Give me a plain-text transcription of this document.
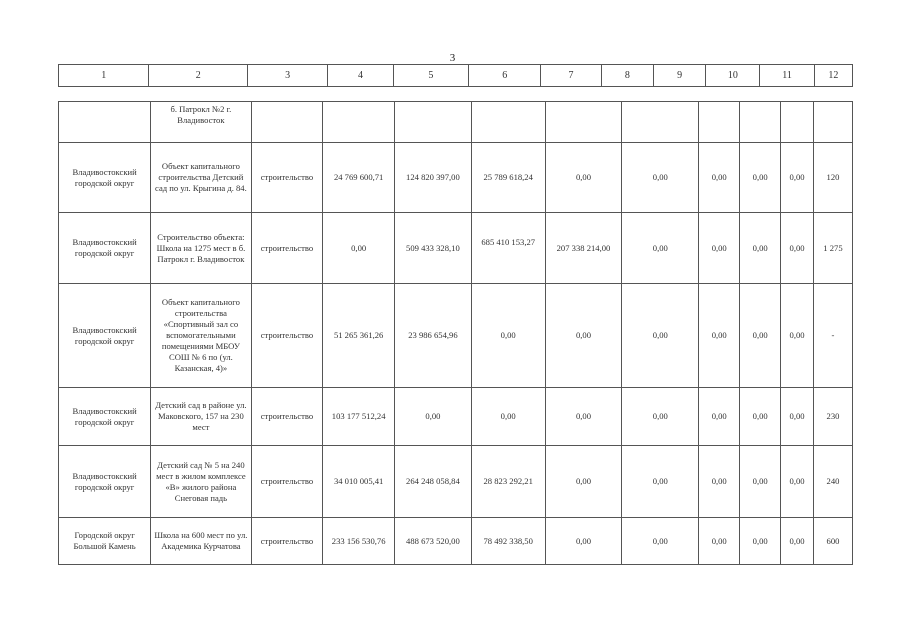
3
1	2	3	4	5	6	7	8	9	10	11	12
	б. Патрокл №2 г. Владивосток										
Владивостокский городской округ	Объект капитального строительства Детский сад по ул. Крыгина д. 84.	строительство	24 769 600,71	124 820 397,00	25 789 618,24	0,00	0,00	0,00	0,00	0,00	120
Владивостокский городской округ	Строительство объекта: Школа на 1275 мест в б. Патрокл г. Владивосток	строительство	0,00	509 433 328,10	685 410 153,27	207 338 214,00	0,00	0,00	0,00	0,00	1 275
Владивостокский городской округ	Объект капитального строительства «Спортивный зал со вспомогательными помещениями МБОУ СОШ № 6 по (ул. Казанская, 4)»	строительство	51 265 361,26	23 986 654,96	0,00	0,00	0,00	0,00	0,00	0,00	-
Владивостокский городской округ	Детский сад в районе ул. Маковского, 157 на 230 мест	строительство	103 177 512,24	0,00	0,00	0,00	0,00	0,00	0,00	0,00	230
Владивостокский городской округ	Детский сад № 5 на 240 мест в жилом комплексе «В» жилого района Снеговая падь	строительство	34 010 005,41	264 248 058,84	28 823 292,21	0,00	0,00	0,00	0,00	0,00	240
Городской округ Большой Камень	Школа на 600 мест по ул. Академика Курчатова	строительство	233 156 530,76	488 673 520,00	78 492 338,50	0,00	0,00	0,00	0,00	0,00	600
